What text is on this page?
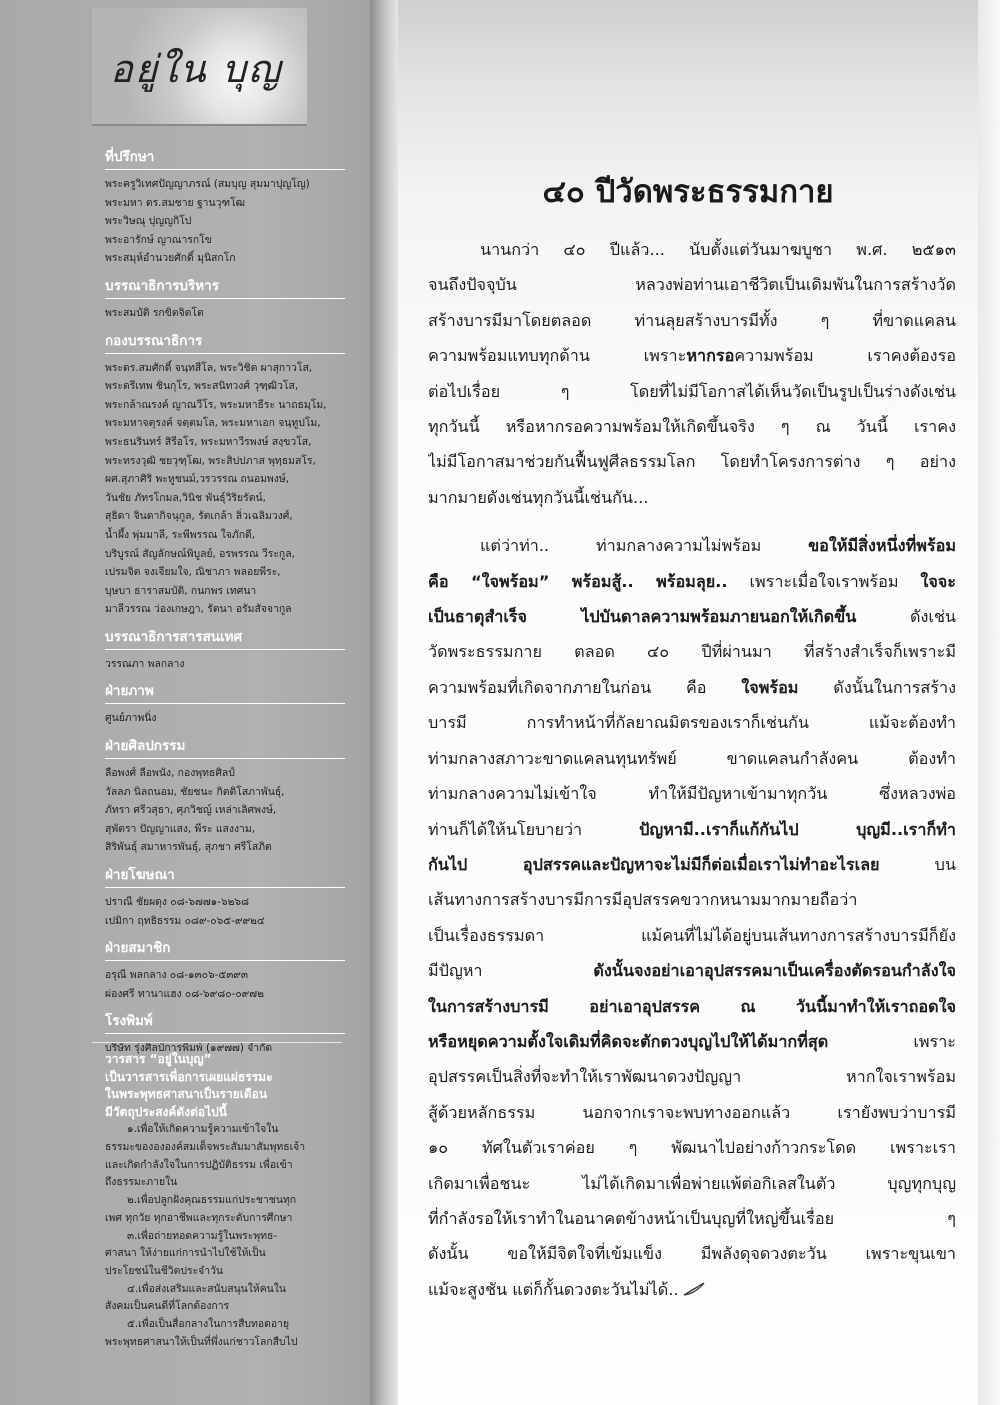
อยู่ใน บุญ
ที่ปรึกษา
พระครูวิเทศปัญญาภรณ์ (สมบุญ สุมมาปุญโญ)
พระมหา ดร.สมชาย ฐานวุฑโฒ
พระวิษณุ ปุญญกิโป
พระอารักษ์ ญาณารกโข
พระสมุห์อำนวยศักดิ์ มุนิสกโก
บรรณาธิการบริหาร
พระสมบัติ รกขิตจิตโต
กองบรรณาธิการ
พระดร.สมศักดิ์ จนฺทสีโล, พระวิชิต ผาสุกาวโส,
พระตรีเทพ ชินกุโร, พระสนิทวงศ์ วุฑฺฒิวโส,
พระกล้าณรงค์ ญาณวีโร, พระมหาธีระ นาถธมฺโม,
พระมหาจตุรงค์ จตฺตมโล, พระมหาเอก จนฺทูปโม,
พระธนรินทร์ สิรีอโร, พระมหาวีรพงษ์ สงฺขวโส,
พระทรงวุฒิ ชยวุฑฺโฒ, พระสิปปภาส พุทฺธมสโร,
ผศ.สุภาศิริ พะหูชนม์,วรวรรณ ถนอมพงษ์,
วันชัย ภัทรโกมล,วินิช พันธุ์วิริยรัตน์,
สุธิดา จินดากิจนุกูล, รัตเกล้า ลิ่วเฉลิมวงศ์,
น้ำผึ้ง พุ่มมาลี, ระพีพรรณ ใจภักดี,
บริบูรณ์ สัญลักษณ์พิบูลย์, อรพรรณ วีระกูล,
เปรมจิต จงเจียมใจ, ณิชาภา พลอยพีระ,
บุษบา ธาราสมบัติ, กนกพร เทศนา
มาลีวรรณ ว่องเกษฎา, รัตนา อรัมสัจจากูล
บรรณาธิการสารสนเทศ
วรรณภา พลกลาง
ฝ่ายภาพ
ศูนย์ภาพนิ่ง
ฝ่ายศิลปกรรม
ลือพงศ์ ลือพนัง, กองพุทธศิลป์
วัลลภ นิลถนอม, ชัยชนะ กิตติโสภาพันธุ์,
ภัทรา ศรีวสุธา, ศุภวิชญ์ เหล่าเลิศพงษ์,
สุพัตรา ปัญญาแสง, พีระ แสงงาม,
สิริพันธุ์ สมาหารพันธุ์, สุภชา ศรีโสภิต
ฝ่ายโฆษณา
ปราณี ชัยผดุง ๐๘-๖๗๗๑-๖๒๖๘
เปมิกา ฤทธิธรรม ๐๘๙-๐๖๕-๙๙๒๔
ฝ่ายสมาชิก
อรุณี พลกลาง ๐๘-๑๓๐๖-๕๓๙๓
ผ่องศรี ทานาแฮง ๐๘-๖๙๘๐-๐๙๗๒
โรงพิมพ์
บริษัท รุ่งศิลป์การพิมพ์ (๑๙๗๗) จำกัด
วารสาร “อยู่ในบุญ”
เป็นวารสารเพื่อการเผยแผ่ธรรมะ
ในพระพุทธศาสนาเป็นรายเดือน
มีวัตถุประสงค์ดังต่อไปนี้
๑.เพื่อให้เกิดความรู้ความเข้าใจใน
ธรรมะของององค์สมเด็จพระสัมมาสัมพุทธเจ้า
และเกิดกำลังใจในการปฏิบัติธรรม เพื่อเข้า
ถึงธรรมะภายใน
๒.เพื่อปลูกฝังคุณธรรมแก่ประชาชนทุก
เพศ ทุกวัย ทุกอาชีพและทุกระดับการศึกษา
๓.เพื่อถ่ายทอดความรู้ในพระพุทธ-
ศาสนา ให้ง่ายแก่การนำไปใช้ให้เป็น
ประโยชน์ในชีวิตประจำวัน
๔.เพื่อส่งเสริมและสนับสนุนให้คนใน
สังคมเป็นคนดีที่โลกต้องการ
๕.เพื่อเป็นสื่อกลางในการสืบทอดอายุ
พระพุทธศาสนาให้เป็นที่พึ่งแก่ชาวโลกสืบไป
๔๐ ปีวัดพระธรรมกาย
นานกว่า ๔๐ ปีแล้ว... นับตั้งแต่วันมาฆบูชา พ.ศ. ๒๕๑๓
จนถึงปัจจุบัน หลวงพ่อท่านเอาชีวิตเป็นเดิมพันในการสร้างวัด
สร้างบารมีมาโดยตลอด ท่านลุยสร้างบารมีทั้ง ๆ ที่ขาดแคลน
ความพร้อมแทบทุกด้าน เพราะหากรอความพร้อม เราคงต้องรอ
ต่อไปเรื่อย ๆ โดยที่ไม่มีโอกาสได้เห็นวัดเป็นรูปเป็นร่างดังเช่น
ทุกวันนี้ หรือหากรอความพร้อมให้เกิดขึ้นจริง ๆ ณ วันนี้ เราคง
ไม่มีโอกาสมาช่วยกันฟื้นฟูศีลธรรมโลก โดยทำโครงการต่าง ๆ อย่าง
มากมายดังเช่นทุกวันนี้เช่นกัน...
แต่ว่าท่า.. ท่ามกลางความไม่พร้อม ขอให้มีสิ่งหนึ่งที่พร้อม
คือ “ใจพร้อม” พร้อมสู้.. พร้อมลุย.. เพราะเมื่อใจเราพร้อม ใจจะ
เป็นธาตุสำเร็จ ไปบันดาลความพร้อมภายนอกให้เกิดขึ้น ดังเช่น
วัดพระธรรมกาย ตลอด ๔๐ ปีที่ผ่านมา ที่สร้างสำเร็จก็เพราะมี
ความพร้อมที่เกิดจากภายในก่อน คือ ใจพร้อม ดังนั้นในการสร้าง
บารมี การทำหน้าที่กัลยาณมิตรของเราก็เช่นกัน แม้จะต้องทำ
ท่ามกลางสภาวะขาดแคลนทุนทรัพย์ ขาดแคลนกำลังคน ต้องทำ
ท่ามกลางความไม่เข้าใจ ทำให้มีปัญหาเข้ามาทุกวัน ซึ่งหลวงพ่อ
ท่านก็ได้ให้นโยบายว่า ปัญหามี..เราก็แก้กันไป บุญมี..เราก็ทำ
กันไป อุปสรรคและปัญหาจะไม่มีก็ต่อเมื่อเราไม่ทำอะไรเลย บน
เส้นทางการสร้างบารมีการมีอุปสรรคขวากหนามมากมายถือว่า
เป็นเรื่องธรรมดา แม้คนที่ไม่ได้อยู่บนเส้นทางการสร้างบารมีก็ยัง
มีปัญหา ดังนั้นจงอย่าเอาอุปสรรคมาเป็นเครื่องตัดรอนกำลังใจ
ในการสร้างบารมี อย่าเอาอุปสรรค ณ วันนี้มาทำให้เราถอดใจ
หรือหยุดความตั้งใจเดิมที่คิดจะตักตวงบุญไปให้ได้มากที่สุด เพราะ
อุปสรรคเป็นสิ่งที่จะทำให้เราพัฒนาดวงปัญญา หากใจเราพร้อม
สู้ด้วยหลักธรรม นอกจากเราจะพบทางออกแล้ว เรายังพบว่าบารมี
๑๐ ทัศในตัวเราค่อย ๆ พัฒนาไปอย่างก้าวกระโดด เพราะเรา
เกิดมาเพื่อชนะ ไม่ได้เกิดมาเพื่อพ่ายแพ้ต่อกิเลสในตัว บุญทุกบุญ
ที่กำลังรอให้เราทำในอนาคตข้างหน้าเป็นบุญที่ใหญ่ขึ้นเรื่อย ๆ
ดังนั้น ขอให้มีจิตใจที่เข้มแข็ง มีพลังดุจดวงตะวัน เพราะขุนเขา
แม้จะสูงชัน แต่ก็กั้นดวงตะวันไม่ได้..
